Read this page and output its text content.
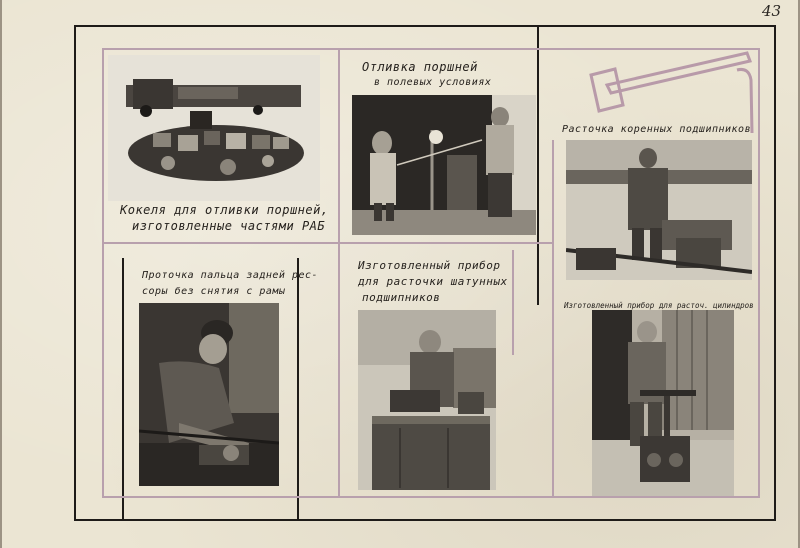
43
Кокеля для отливки поршней,
изготовленные частями РАБ
Отливка поршней
в полевых условиях
Расточка коренных подшипников
Проточка пальца задней рес-
соры без снятия с рамы
Изготовленный прибор
для расточки шатунных
подшипников
Изготовленный прибор для расточ. цилиндров
